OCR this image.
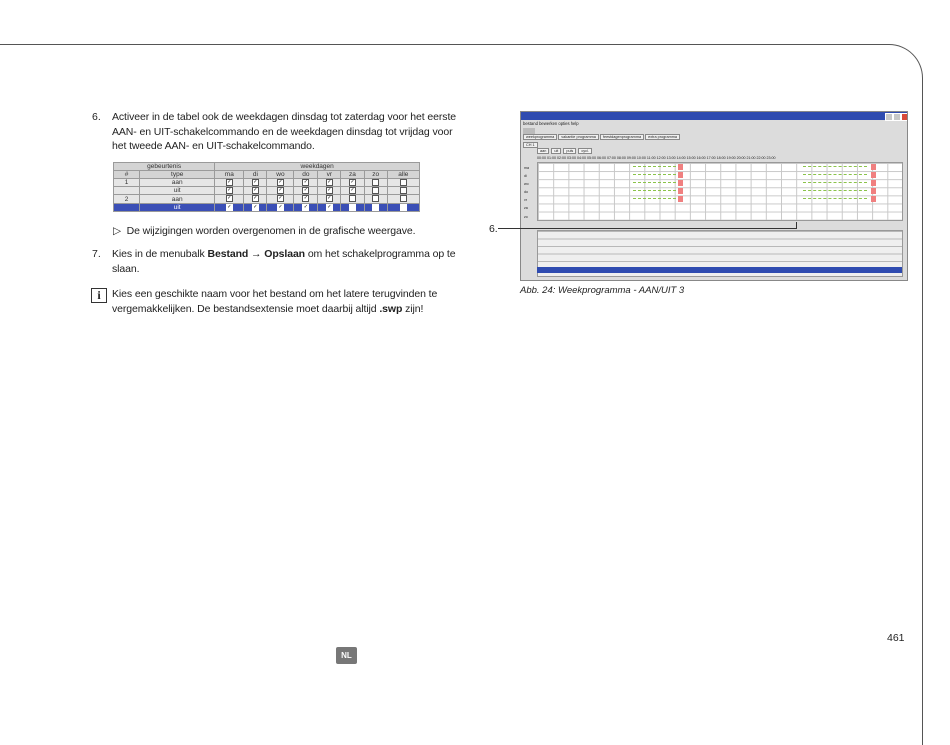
6. Activeer in de tabel ook de weekdagen dinsdag tot zaterdag voor het eerste
AAN- en UIT-schakelcommando en de weekdagen dinsdag tot vrijdag voor
het tweede AAN- en UIT-schakelcommando.
gebeurtenis		weekdagen							
#	type	ma	di	wo	do	vr	za	zo	alle
1	aan	✓	✓	✓	✓	✓	✓		
	uit	✓	✓	✓	✓	✓	✓		
2	aan	✓	✓	✓	✓	✓			
	uit	✓	✓	✓	✓	✓			
▷ De wijzigingen worden overgenomen in de grafische weergave.
7. Kies in de menubalk Bestand → Opslaan om het schakelprogramma op te
slaan.
i	Kies een geschikte naam voor het bestand om het latere terugvinden te
vergemakkelijken. De bestandsextensie moet daarbij altijd .swp zijn!
bestand bewerken opties help
weekprogramma vakantie programma feestdagenprogramma extra programma
CH 1
aan uit puls cycl.
00:00 01:00 02:00 03:00 04:00 05:00 06:00 07:00 08:00 09:00 10:00 11:00 12:00 13:00 14:00 15:00 16:00 17:00 18:00 19:00 20:00 21:00 22:00 23:00
ma
di
wo
do
vr
za
zo
6.
Abb. 24: Weekprogramma - AAN/UIT 3
461
NL
